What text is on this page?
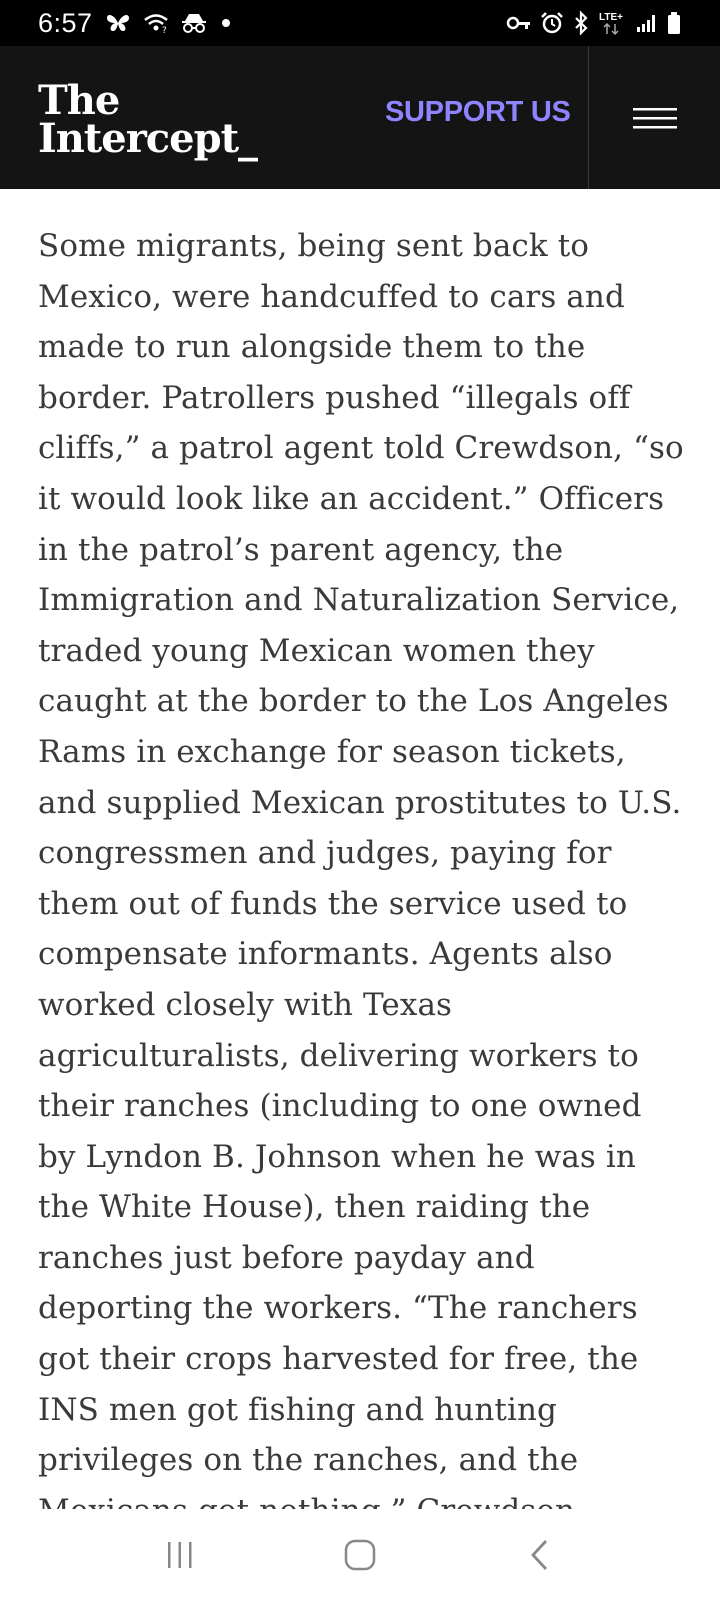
6:57	?
LTE+
The
Intercept_
SUPPORT US

Some migrants, being sent back to Mexico, were handcuffed to cars and made to run alongside them to the border. Patrollers pushed “illegals off cliffs,” a patrol agent told Crewdson, “so it would look like an accident.” Officers in the patrol’s parent agency, the Immigration and Naturalization Service, traded young Mexican women they caught at the border to the Los Angeles Rams in exchange for season tickets, and supplied Mexican prostitutes to U.S. congressmen and judges, paying for them out of funds the service used to compensate informants. Agents also worked closely with Texas agriculturalists, delivering workers to their ranches (including to one owned by Lyndon B. Johnson when he was in the White House), then raiding the ranches just before payday and deporting the workers. “The ranchers got their crops harvested for free, the INS men got fishing and hunting privileges on the ranches, and the
